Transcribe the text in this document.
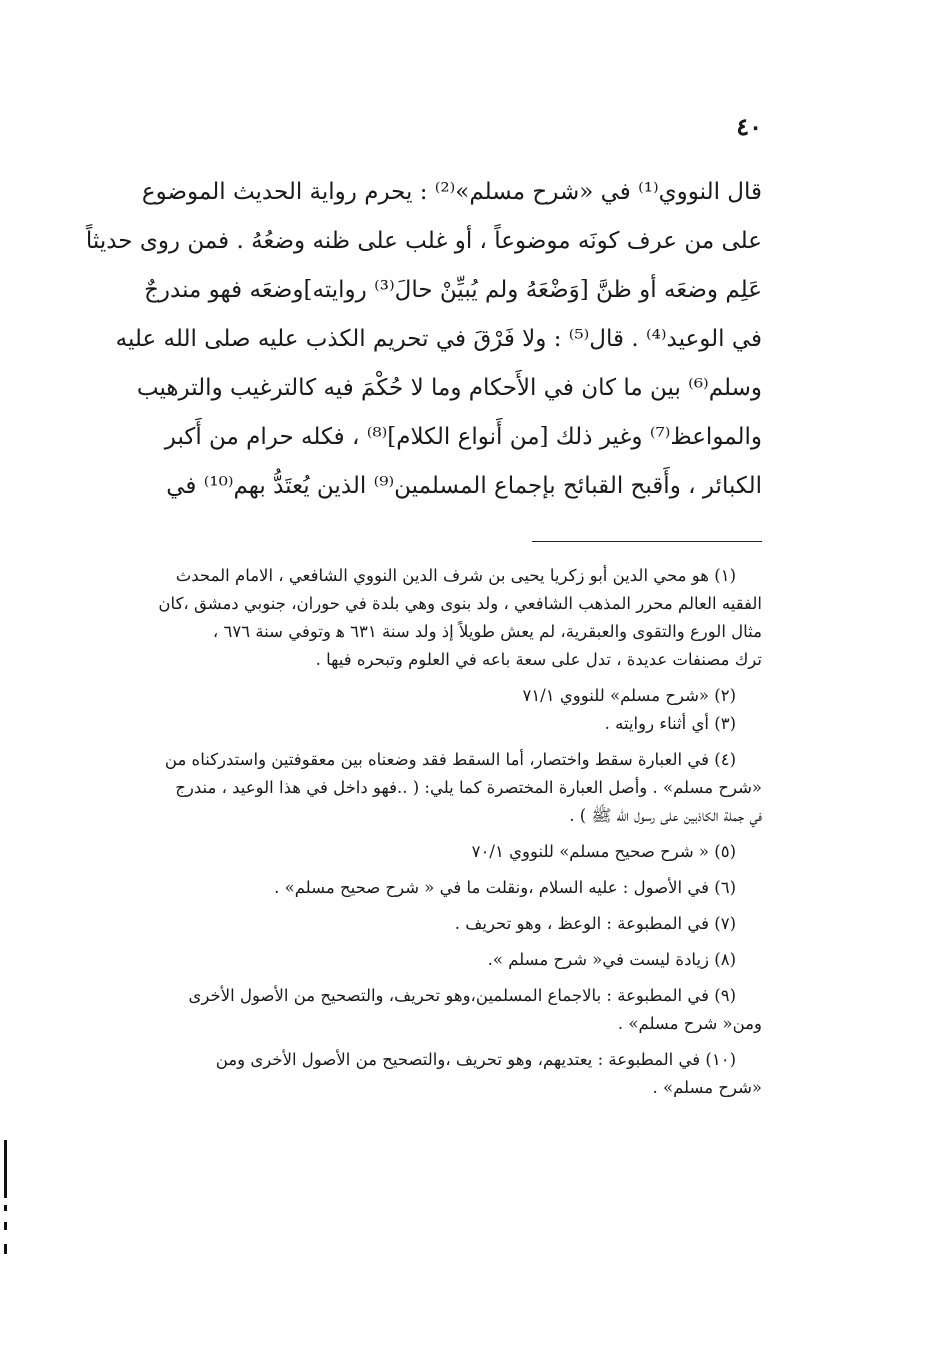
٤٠
قال النووي⁽¹⁾ في «شرح مسلم»⁽²⁾ : يحرم رواية الحديث الموضوع
على من عرف كونَه موضوعاً ، أو غلب على ظنه وضعُهُ . فمن روى حديثاً
عَلِم وضعَه أو ظنَّ [وَضْعَهُ ولم يُبيِّنْ حالَ⁽³⁾ روايته]وضعَه فهو مندرجٌ
في الوعيد⁽⁴⁾ . قال⁽⁵⁾ : ولا فَرْقَ في تحريم الكذب عليه صلى الله عليه
وسلم⁽⁶⁾ بين ما كان في الأَحكام وما لا حُكْمَ فيه كالترغيب والترهيب
والمواعظ⁽⁷⁾ وغير ذلك [من أَنواع الكلام]⁽⁸⁾ ، فكله حرام من أَكبر
الكبائر ، وأَقبح القبائح بإجماع المسلمين⁽⁹⁾ الذين يُعتَدُّ بهم⁽¹⁰⁾ في
(١) هو محي الدين أبو زكريا يحيى بن شرف الدين النووي الشافعي ، الامام المحدث
الفقيه العالم محرر المذهب الشافعي ، ولد بنوى وهي بلدة في حوران، جنوبي دمشق ،كان
مثال الورع والتقوى والعبقرية، لم يعش طويلاً إذ ولد سنة ٦٣١ ﻫ وتوفي سنة ٦٧٦ ،
ترك مصنفات عديدة ، تدل على سعة باعه في العلوم وتبحره فيها .
(٢) «شرح مسلم» للنووي ٧١/١
(٣) أي أثناء روايته .
(٤) في العبارة سقط واختصار، أما السقط فقد وضعناه بين معقوفتين واستدركناه من
«شرح مسلم» . وأصل العبارة المختصرة كما يلي: ( ..فهو داخل في هذا الوعيد ، مندرج
في جملة الكاذبين على رسول الله ﷺ ) .
(٥) « شرح صحيح مسلم» للنووي ٧٠/١
(٦) في الأصول : عليه السلام ،ونقلت ما في « شرح صحيح مسلم» .
(٧) في المطبوعة : الوعظ ، وهو تحريف .
(٨) زيادة ليست في« شرح مسلم ».
(٩) في المطبوعة : بالاجماع المسلمين،وهو تحريف، والتصحيح من الأصول الأخرى
ومن« شرح مسلم» .
(١٠) في المطبوعة : يعتديهم، وهو تحريف ،والتصحيح من الأصول الأخرى ومن
«شرح مسلم» .
